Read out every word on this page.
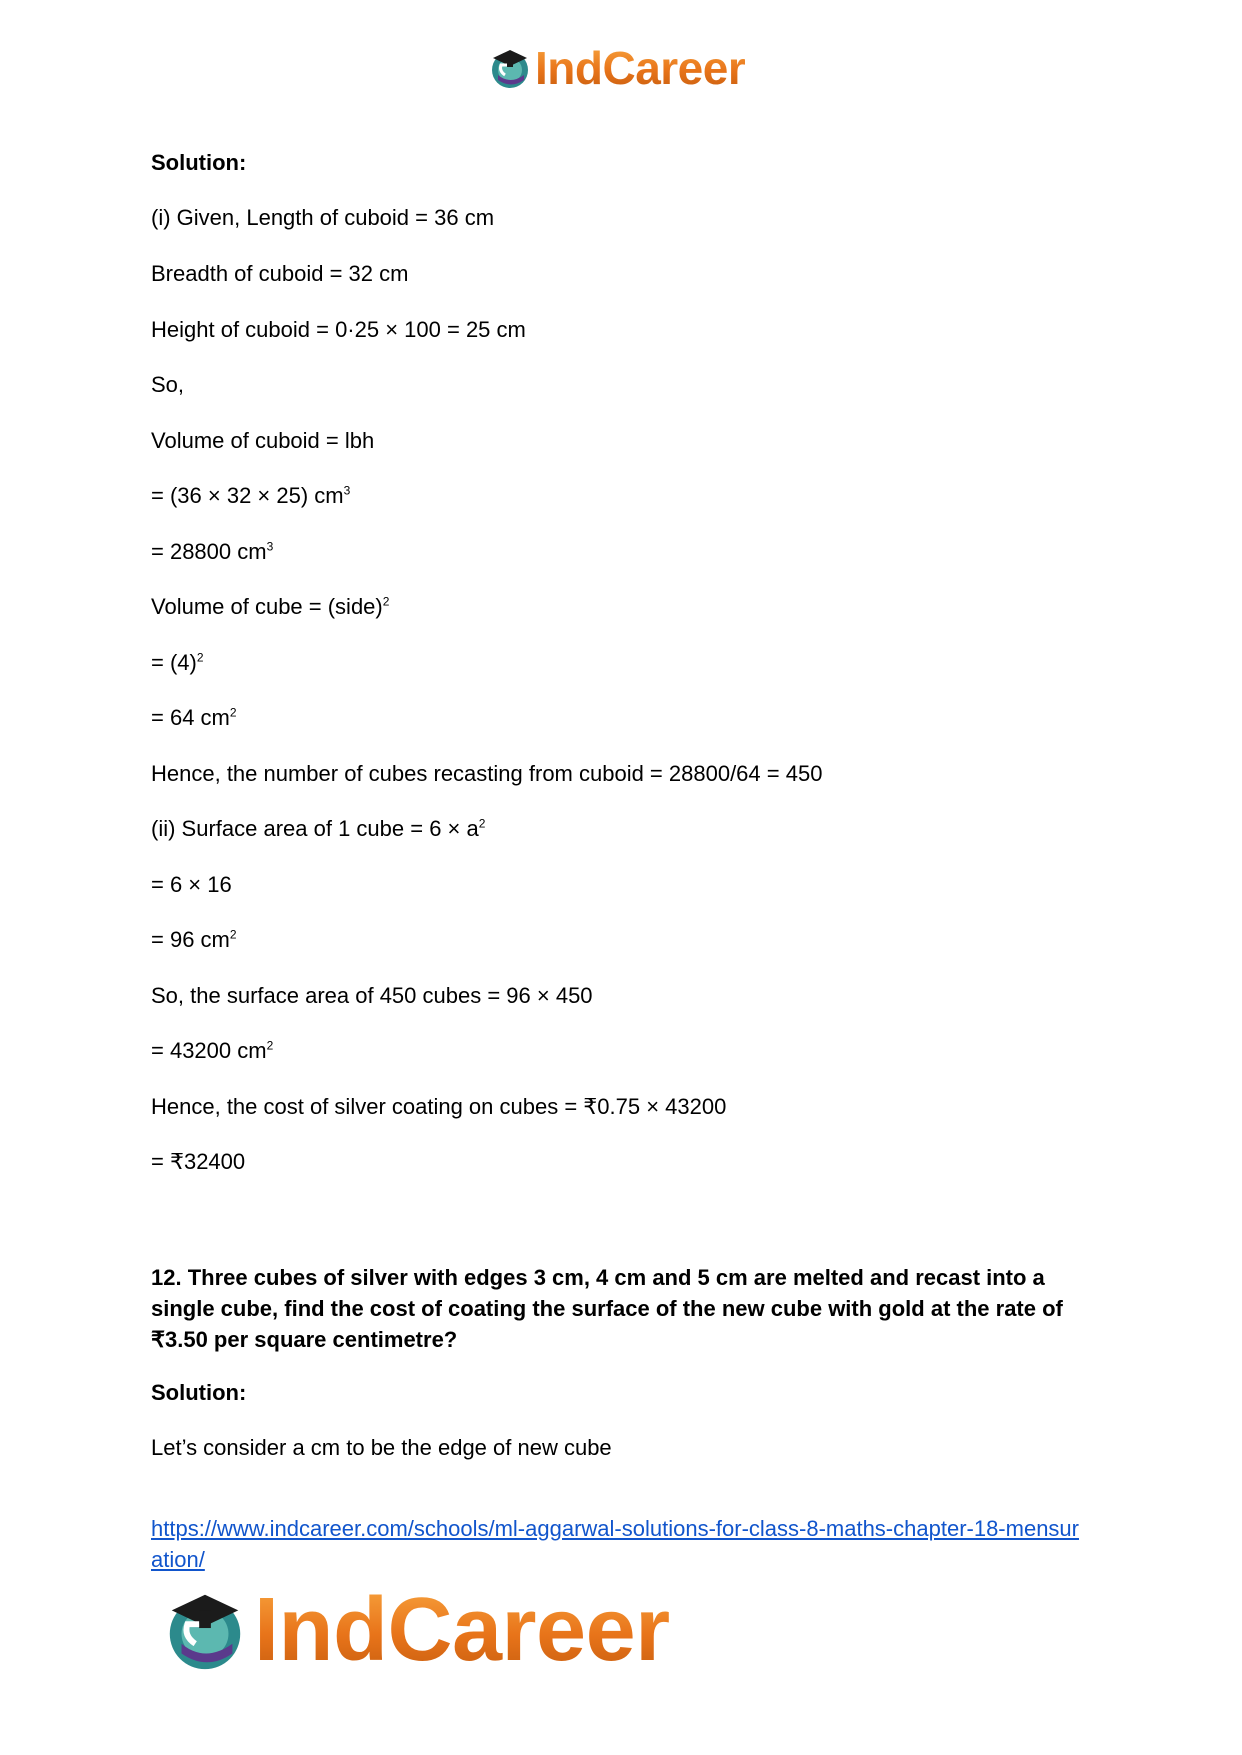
IndCareer
Solution:
(i) Given, Length of cuboid = 36 cm
Breadth of cuboid = 32 cm
Height of cuboid = 0·25 × 100 = 25 cm
So,
Volume of cuboid = lbh
= (36 × 32 × 25) $cm^3$
= 28800 $cm^3$
Volume of cube = (side)$^2$
= $(4)^2$
= 64 $cm^2$
Hence, the number of cubes recasting from cuboid = 28800/64 = 450
(ii) Surface area of 1 cube = $6 \times a^2$
= 6 × 16
= 96 $cm^2$
So, the surface area of 450 cubes = 96 × 450
= 43200 $cm^2$
Hence, the cost of silver coating on cubes = ₹0.75 × 43200
= ₹32400
12. Three cubes of silver with edges 3 cm, 4 cm and 5 cm are melted and recast into a single cube, find the cost of coating the surface of the new cube with gold at the rate of ₹3.50 per square centimetre?
Solution:
Let’s consider a cm to be the edge of new cube
https://www.indcareer.com/schools/ml-aggarwal-solutions-for-class-8-maths-chapter-18-mensuration/
IndCareer
